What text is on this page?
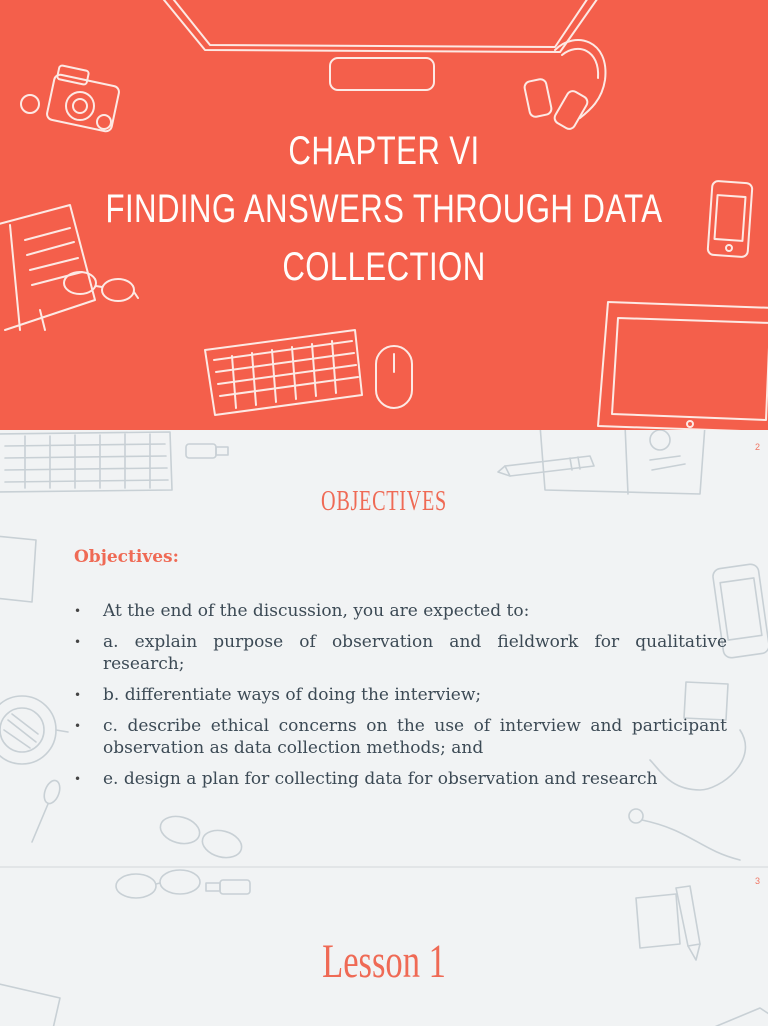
CHAPTER VI
FINDING ANSWERS THROUGH DATA
COLLECTION
2
OBJECTIVES
Objectives:
• At the end of the discussion, you are expected to:
• a. explain purpose of observation and fieldwork for qualitative research;
• b. differentiate ways of doing the interview;
• c. describe ethical concerns on the use of interview and participant observation as data collection methods; and
• e. design a plan for collecting data for observation and research
3
Lesson 1
